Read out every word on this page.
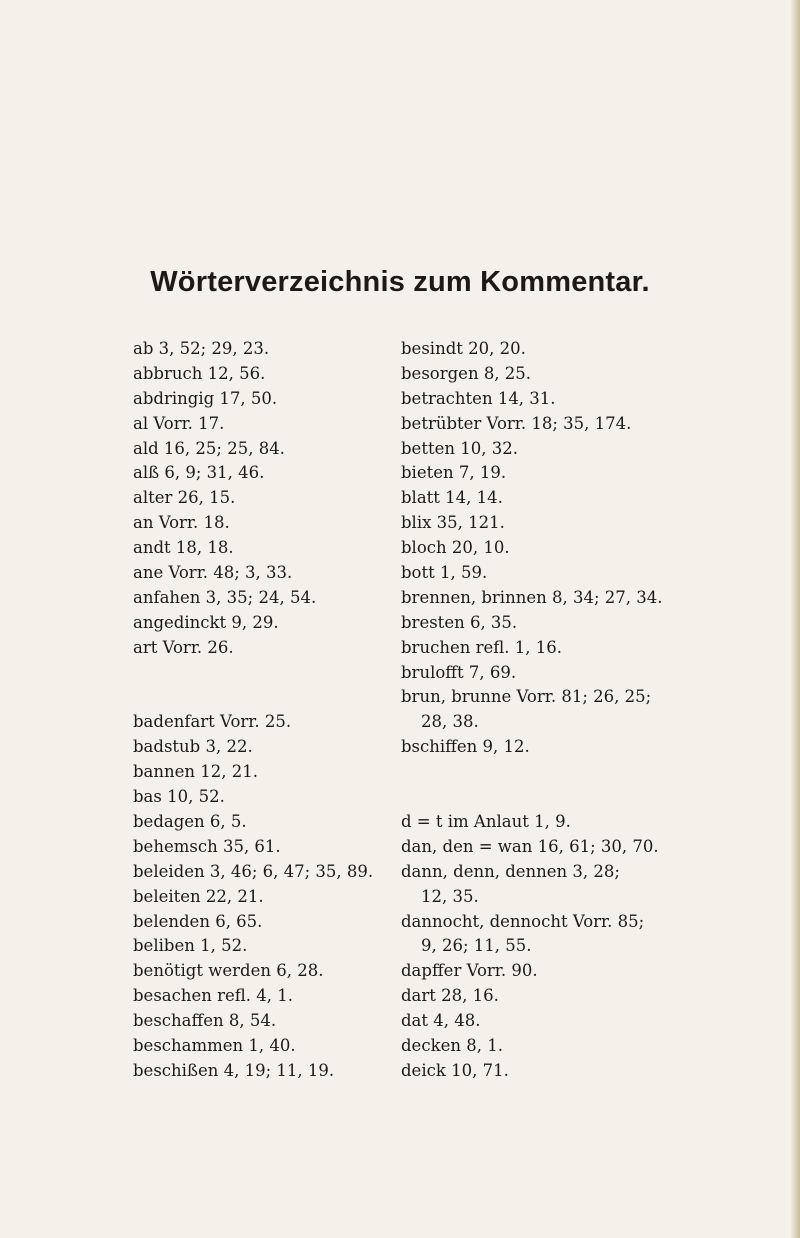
Wörterverzeichnis zum Kommentar.
ab 3, 52; 29, 23.
abbruch 12, 56.
abdringig 17, 50.
al Vorr. 17.
ald 16, 25; 25, 84.
alß 6, 9; 31, 46.
alter 26, 15.
an Vorr. 18.
andt 18, 18.
ane Vorr. 48; 3, 33.
anfahen 3, 35; 24, 54.
angedinckt 9, 29.
art Vorr. 26.
badenfart Vorr. 25.
badstub 3, 22.
bannen 12, 21.
bas 10, 52.
bedagen 6, 5.
behemsch 35, 61.
beleiden 3, 46; 6, 47; 35, 89.
beleiten 22, 21.
belenden 6, 65.
beliben 1, 52.
benötigt werden 6, 28.
besachen refl. 4, 1.
beschaffen 8, 54.
beschammen 1, 40.
beschißen 4, 19; 11, 19.
besindt 20, 20.
besorgen 8, 25.
betrachten 14, 31.
betrübter Vorr. 18; 35, 174.
betten 10, 32.
bieten 7, 19.
blatt 14, 14.
blix 35, 121.
bloch 20, 10.
bott 1, 59.
brennen, brinnen 8, 34; 27, 34.
bresten 6, 35.
bruchen refl. 1, 16.
brulofft 7, 69.
brun, brunne Vorr. 81; 26, 25;
28, 38.
bschiffen 9, 12.
d = t im Anlaut 1, 9.
dan, den = wan 16, 61; 30, 70.
dann, denn, dennen 3, 28;
12, 35.
dannocht, dennocht Vorr. 85;
9, 26; 11, 55.
dapffer Vorr. 90.
dart 28, 16.
dat 4, 48.
decken 8, 1.
deick 10, 71.
